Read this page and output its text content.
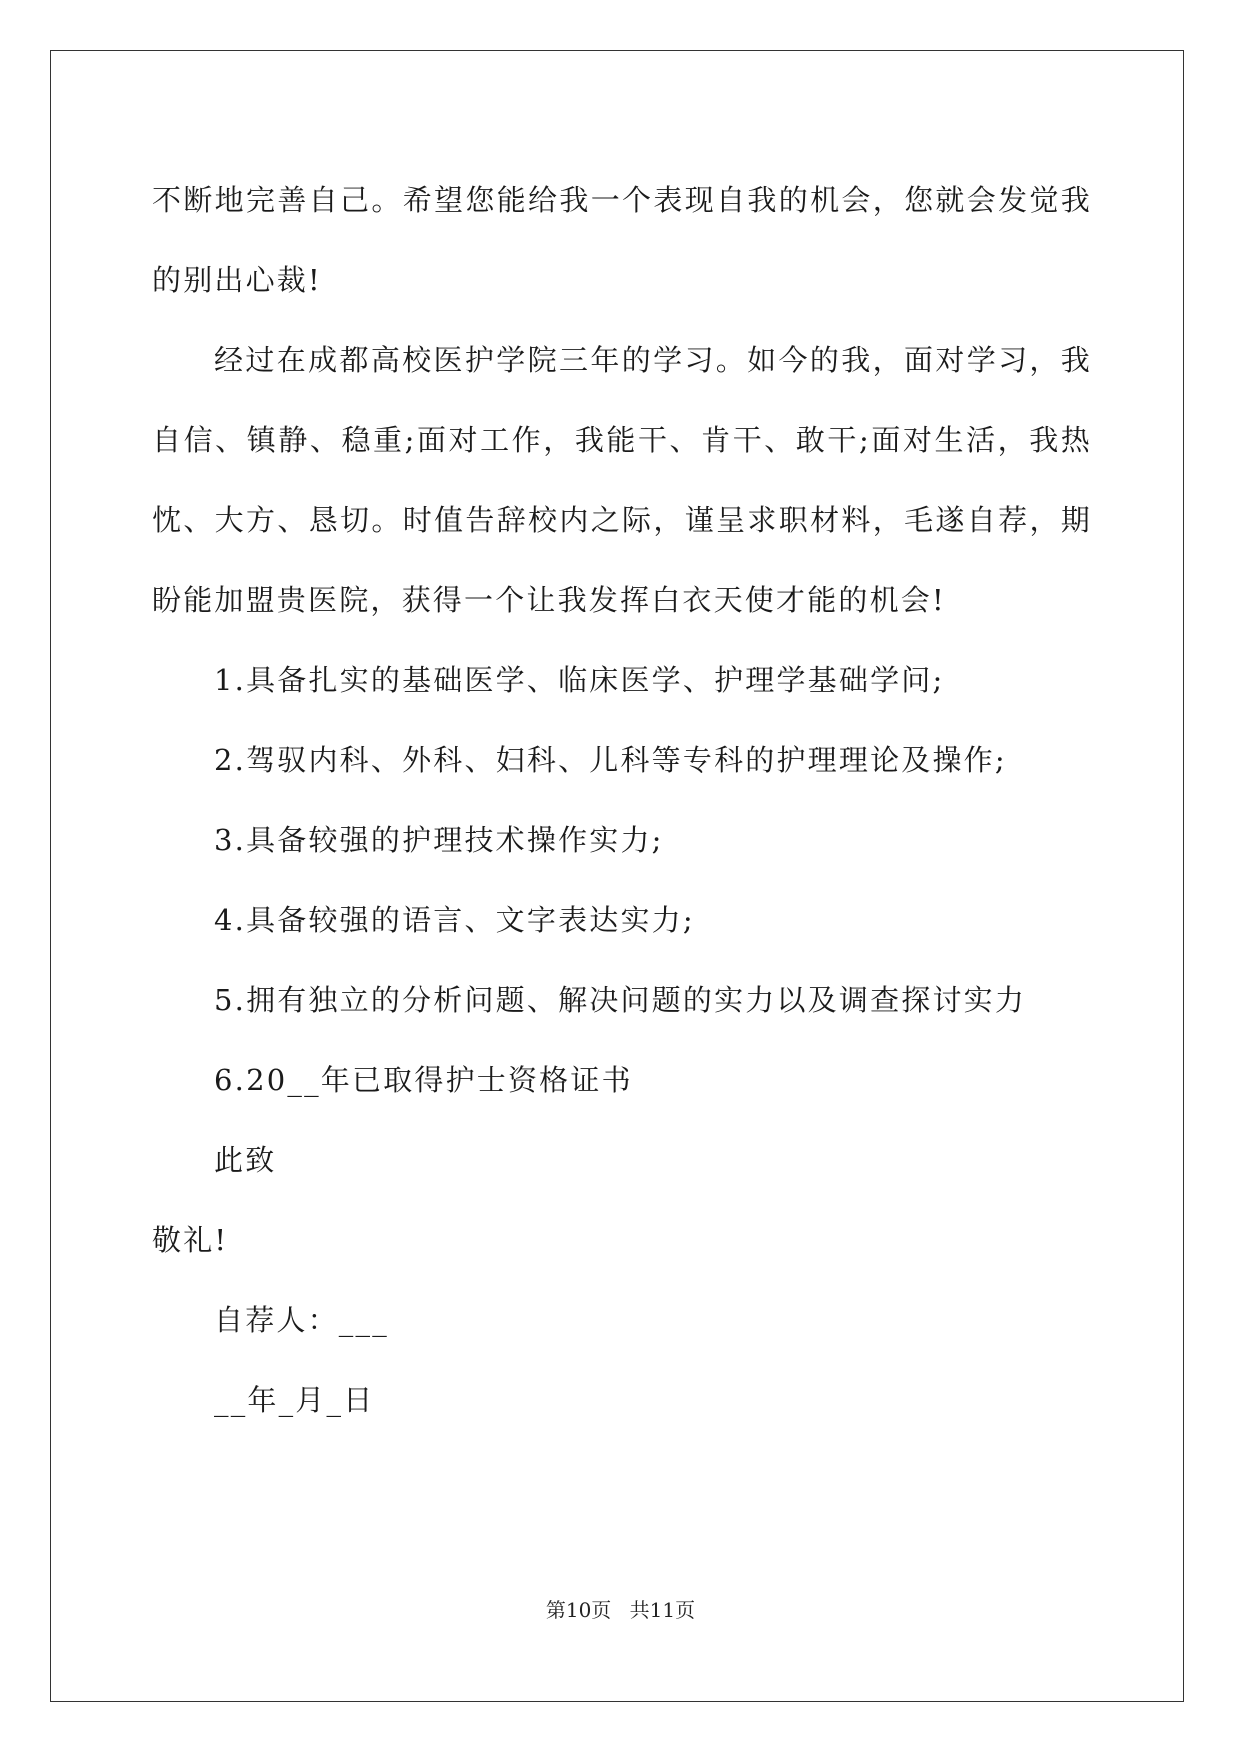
不断地完善自己。希望您能给我一个表现自我的机会，您就会发觉我
的别出心裁!
经过在成都高校医护学院三年的学习。如今的我，面对学习，我
自信、镇静、稳重;面对工作，我能干、肯干、敢干;面对生活，我热
忱、大方、恳切。时值告辞校内之际，谨呈求职材料，毛遂自荐，期
盼能加盟贵医院，获得一个让我发挥白衣天使才能的机会!
1.具备扎实的基础医学、临床医学、护理学基础学问;
2.驾驭内科、外科、妇科、儿科等专科的护理理论及操作;
3.具备较强的护理技术操作实力;
4.具备较强的语言、文字表达实力;
5.拥有独立的分析问题、解决问题的实力以及调查探讨实力
6.20__年已取得护士资格证书
此致
敬礼!
自荐人：___
__年_月_日
第10页 共11页
